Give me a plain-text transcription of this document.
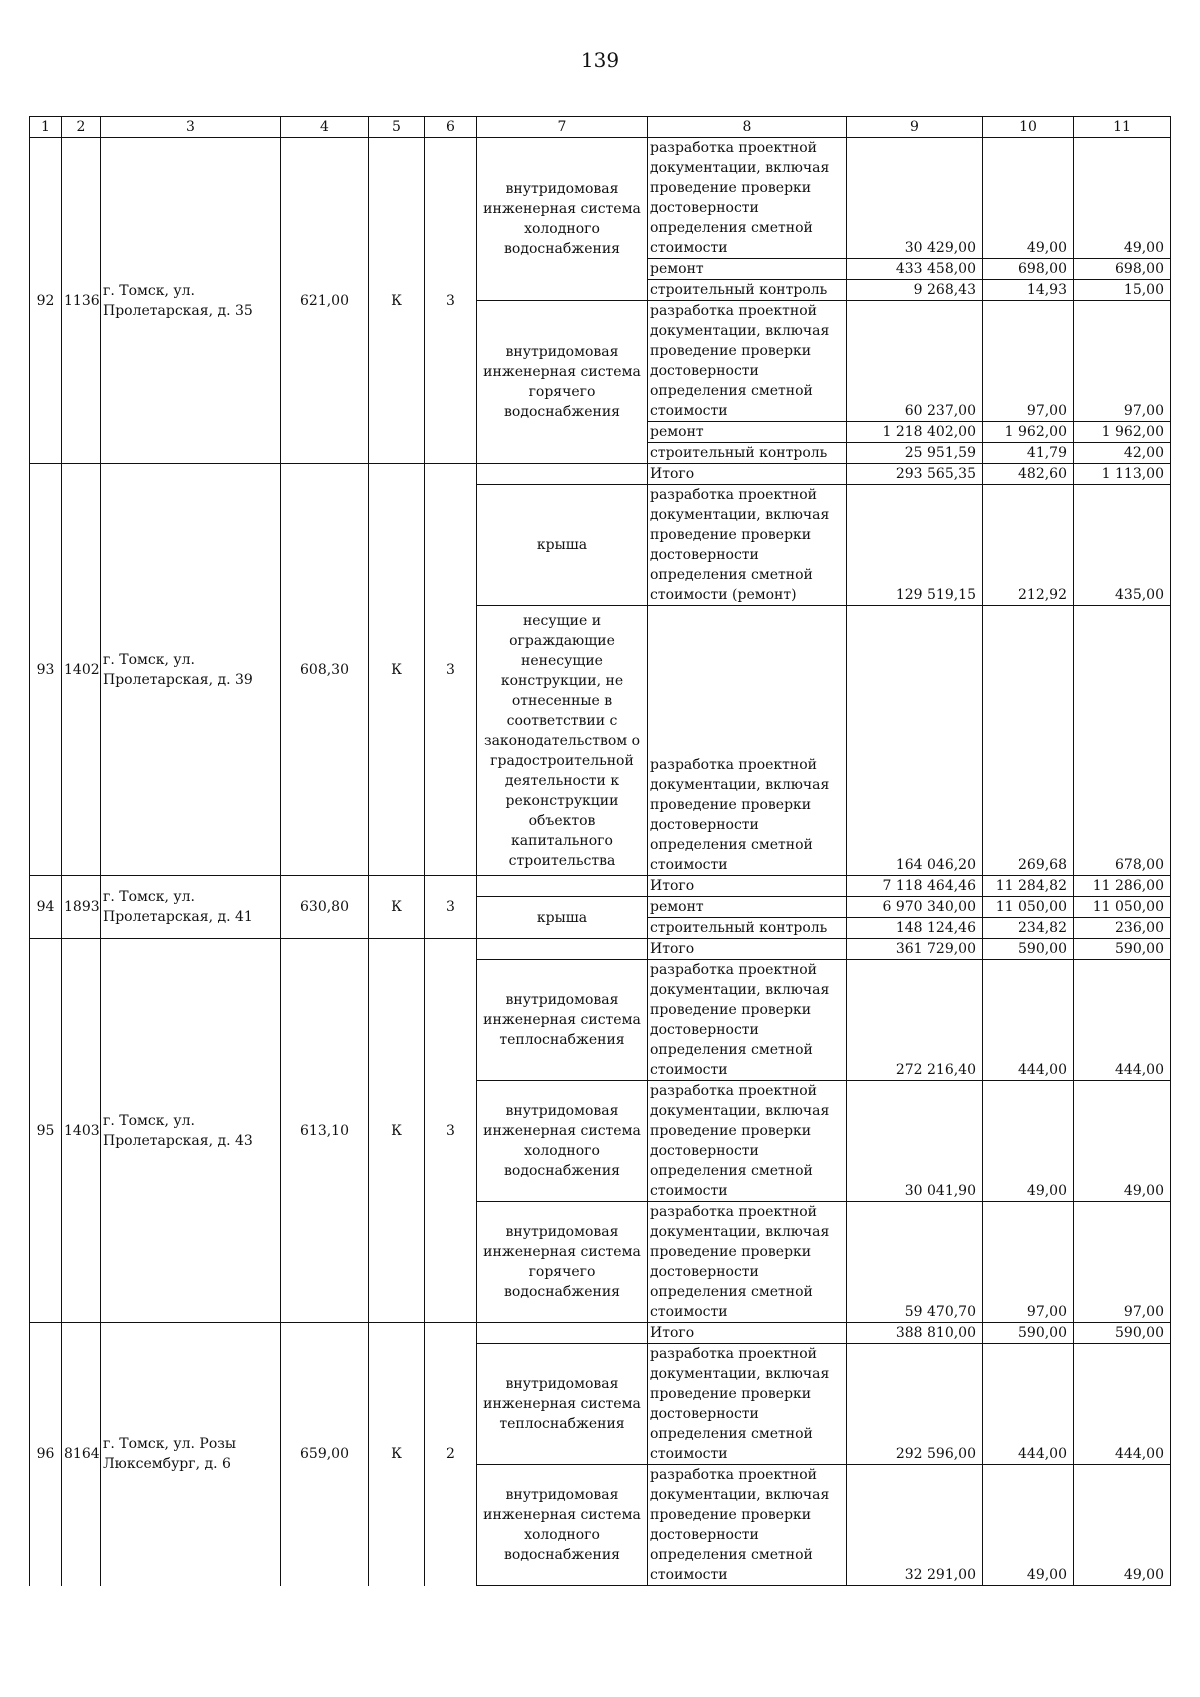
139
1	2	3	4	5	6	7	8	9	10	11
92	1136	г. Томск, ул. Пролетарская, д. 35	621,00	К	3	внутридомовая инженерная система холодного водоснабжения	разработка проектной документации, включая проведение проверки достоверности определения сметной стоимости	30 429,00	49,00	49,00
							ремонт	433 458,00	698,00	698,00
							строительный контроль	9 268,43	14,93	15,00
						внутридомовая инженерная система горячего водоснабжения	разработка проектной документации, включая проведение проверки достоверности определения сметной стоимости	60 237,00	97,00	97,00
							ремонт	1 218 402,00	1 962,00	1 962,00
							строительный контроль	25 951,59	41,79	42,00
93	1402	г. Томск, ул. Пролетарская, д. 39	608,30	К	3		Итого	293 565,35	482,60	1 113,00
						крыша	разработка проектной документации, включая проведение проверки достоверности определения сметной стоимости (ремонт)	129 519,15	212,92	435,00
						несущие и ограждающие ненесущие конструкции, не отнесенные в соответствии с законодательством о градостроительной деятельности к реконструкции объектов капитального строительства	разработка проектной документации, включая проведение проверки достоверности определения сметной стоимости	164 046,20	269,68	678,00
94	1893	г. Томск, ул. Пролетарская, д. 41	630,80	К	3		Итого	7 118 464,46	11 284,82	11 286,00
						крыша	ремонт	6 970 340,00	11 050,00	11 050,00
							строительный контроль	148 124,46	234,82	236,00
95	1403	г. Томск, ул. Пролетарская, д. 43	613,10	К	3		Итого	361 729,00	590,00	590,00
						внутридомовая инженерная система теплоснабжения	разработка проектной документации, включая проведение проверки достоверности определения сметной стоимости	272 216,40	444,00	444,00
						внутридомовая инженерная система холодного водоснабжения	разработка проектной документации, включая проведение проверки достоверности определения сметной стоимости	30 041,90	49,00	49,00
						внутридомовая инженерная система горячего водоснабжения	разработка проектной документации, включая проведение проверки достоверности определения сметной стоимости	59 470,70	97,00	97,00
96	8164	г. Томск, ул. Розы Люксембург, д. 6	659,00	К	2		Итого	388 810,00	590,00	590,00
						внутридомовая инженерная система теплоснабжения	разработка проектной документации, включая проведение проверки достоверности определения сметной стоимости	292 596,00	444,00	444,00
						внутридомовая инженерная система холодного водоснабжения	разработка проектной документации, включая проведение проверки достоверности определения сметной стоимости	32 291,00	49,00	49,00
